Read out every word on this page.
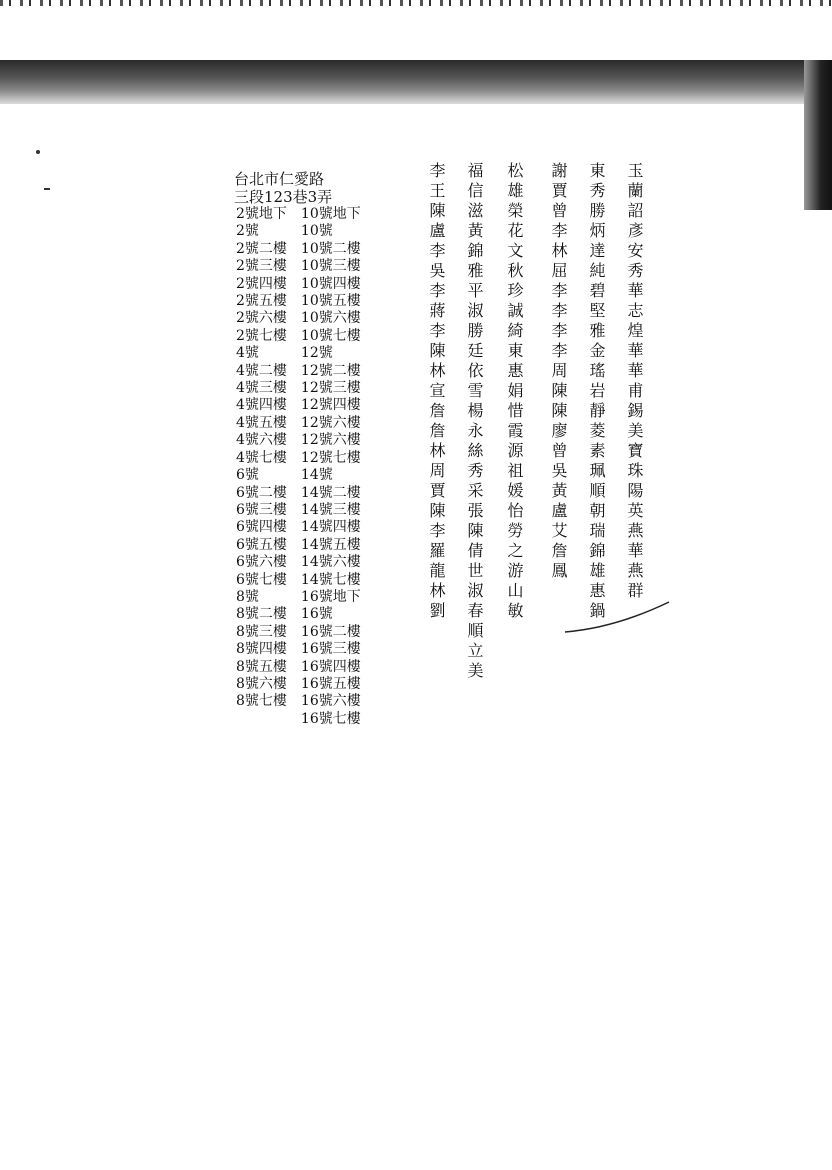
台北市仁愛路
三段123巷3弄
2號地下
2號
2號二樓
2號三樓
2號四樓
2號五樓
2號六樓
2號七樓
4號
4號二樓
4號三樓
4號四樓
4號五樓
4號六樓
4號七樓
6號
6號二樓
6號三樓
6號四樓
6號五樓
6號六樓
6號七樓
8號
8號二樓
8號三樓
8號四樓
8號五樓
8號六樓
8號七樓
10號地下
10號
10號二樓
10號三樓
10號四樓
10號五樓
10號六樓
10號七樓
12號
12號二樓
12號三樓
12號四樓
12號六樓
12號六樓
12號七樓
14號
14號二樓
14號三樓
14號四樓
14號五樓
14號六樓
14號七樓
16號地下
16號
16號二樓
16號三樓
16號四樓
16號五樓
16號六樓
16號七樓
玉蘭詔彥安秀華志煌華華甫錫美寶珠陽英燕華燕群
東秀勝炳達純碧堅雅金瑤岩靜菱素珮順朝瑞錦雄惠鍋
謝賈曾李林屈李李李李周陳陳廖曾吳黃盧艾詹鳳
松雄榮花文秋珍誠綺東惠娟惜霞源祖媛怡勞之游山敏
福信滋黃錦雅平淑勝廷依雪楊永絲秀采張陳倩世淑春順立美
李王陳盧李吳李蔣李陳林宣詹詹林周賈陳李羅龍林劉
